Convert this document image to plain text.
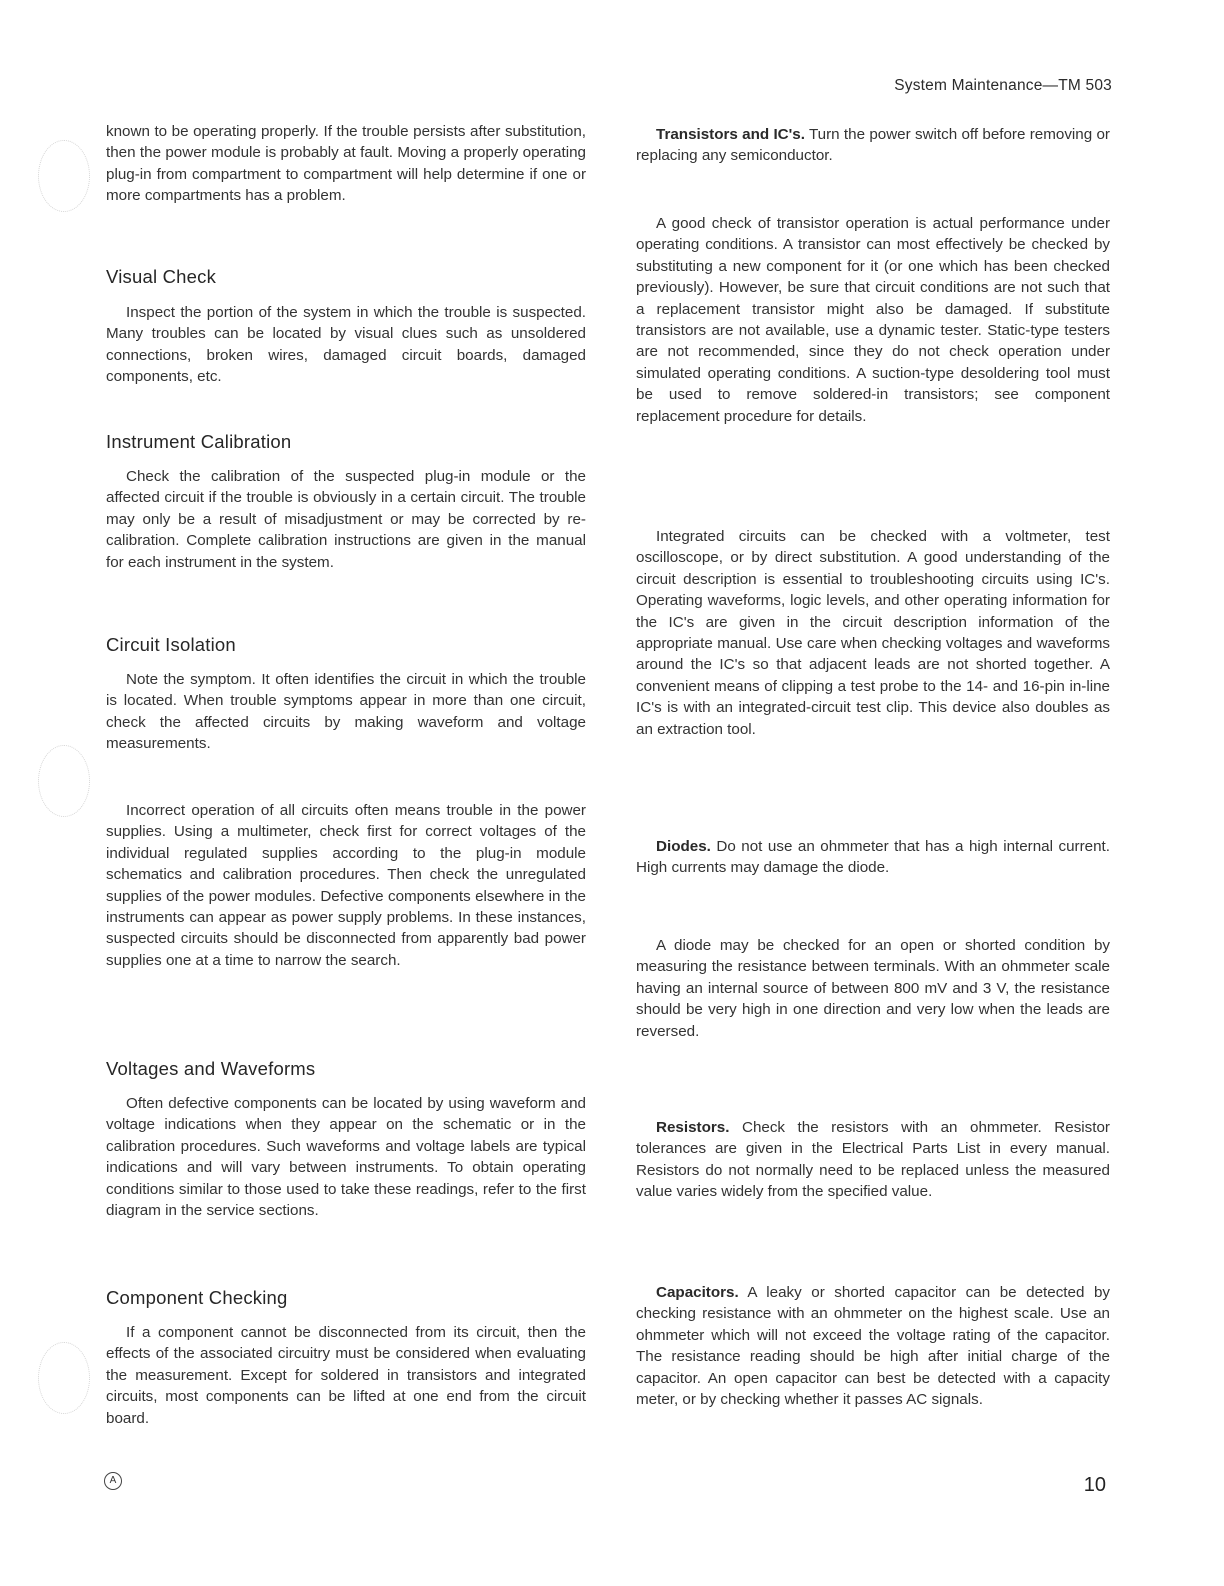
System Maintenance—TM 503

known to be operating properly. If the trouble persists after substitution, then the power module is probably at fault. Moving a properly operating plug-in from compartment to compartment will help determine if one or more compartments has a problem.

Visual Check

Inspect the portion of the system in which the trouble is suspected. Many troubles can be located by visual clues such as unsoldered connections, broken wires, damaged circuit boards, damaged components, etc.

Instrument Calibration

Check the calibration of the suspected plug-in module or the affected circuit if the trouble is obviously in a certain circuit. The trouble may only be a result of misadjustment or may be corrected by re-calibration. Complete calibration instructions are given in the manual for each instrument in the system.

Circuit Isolation

Note the symptom. It often identifies the circuit in which the trouble is located. When trouble symptoms appear in more than one circuit, check the affected circuits by making waveform and voltage measurements.

Incorrect operation of all circuits often means trouble in the power supplies. Using a multimeter, check first for correct voltages of the individual regulated supplies according to the plug-in module schematics and calibration procedures. Then check the unregulated supplies of the power modules. Defective components elsewhere in the instruments can appear as power supply problems. In these instances, suspected circuits should be disconnected from apparently bad power supplies one at a time to narrow the search.

Voltages and Waveforms

Often defective components can be located by using waveform and voltage indications when they appear on the schematic or in the calibration procedures. Such waveforms and voltage labels are typical indications and will vary between instruments. To obtain operating conditions similar to those used to take these readings, refer to the first diagram in the service sections.

Component Checking

If a component cannot be disconnected from its circuit, then the effects of the associated circuitry must be considered when evaluating the measurement. Except for soldered in transistors and integrated circuits, most components can be lifted at one end from the circuit board.

Transistors and IC's. Turn the power switch off before removing or replacing any semiconductor.

A good check of transistor operation is actual performance under operating conditions. A transistor can most effectively be checked by substituting a new component for it (or one which has been checked previously). However, be sure that circuit conditions are not such that a replacement transistor might also be damaged. If substitute transistors are not available, use a dynamic tester. Static-type testers are not recommended, since they do not check operation under simulated operating conditions. A suction-type desoldering tool must be used to remove soldered-in transistors; see component replacement procedure for details.

Integrated circuits can be checked with a voltmeter, test oscilloscope, or by direct substitution. A good understanding of the circuit description is essential to troubleshooting circuits using IC's. Operating waveforms, logic levels, and other operating information for the IC's are given in the circuit description information of the appropriate manual. Use care when checking voltages and waveforms around the IC's so that adjacent leads are not shorted together. A convenient means of clipping a test probe to the 14- and 16-pin in-line IC's is with an integrated-circuit test clip. This device also doubles as an extraction tool.

Diodes. Do not use an ohmmeter that has a high internal current. High currents may damage the diode.

A diode may be checked for an open or shorted condition by measuring the resistance between terminals. With an ohmmeter scale having an internal source of between 800 mV and 3 V, the resistance should be very high in one direction and very low when the leads are reversed.

Resistors. Check the resistors with an ohmmeter. Resistor tolerances are given in the Electrical Parts List in every manual. Resistors do not normally need to be replaced unless the measured value varies widely from the specified value.

Capacitors. A leaky or shorted capacitor can be detected by checking resistance with an ohmmeter on the highest scale. Use an ohmmeter which will not exceed the voltage rating of the capacitor. The resistance reading should be high after initial charge of the capacitor. An open capacitor can best be detected with a capacity meter, or by checking whether it passes AC signals.

A	10
